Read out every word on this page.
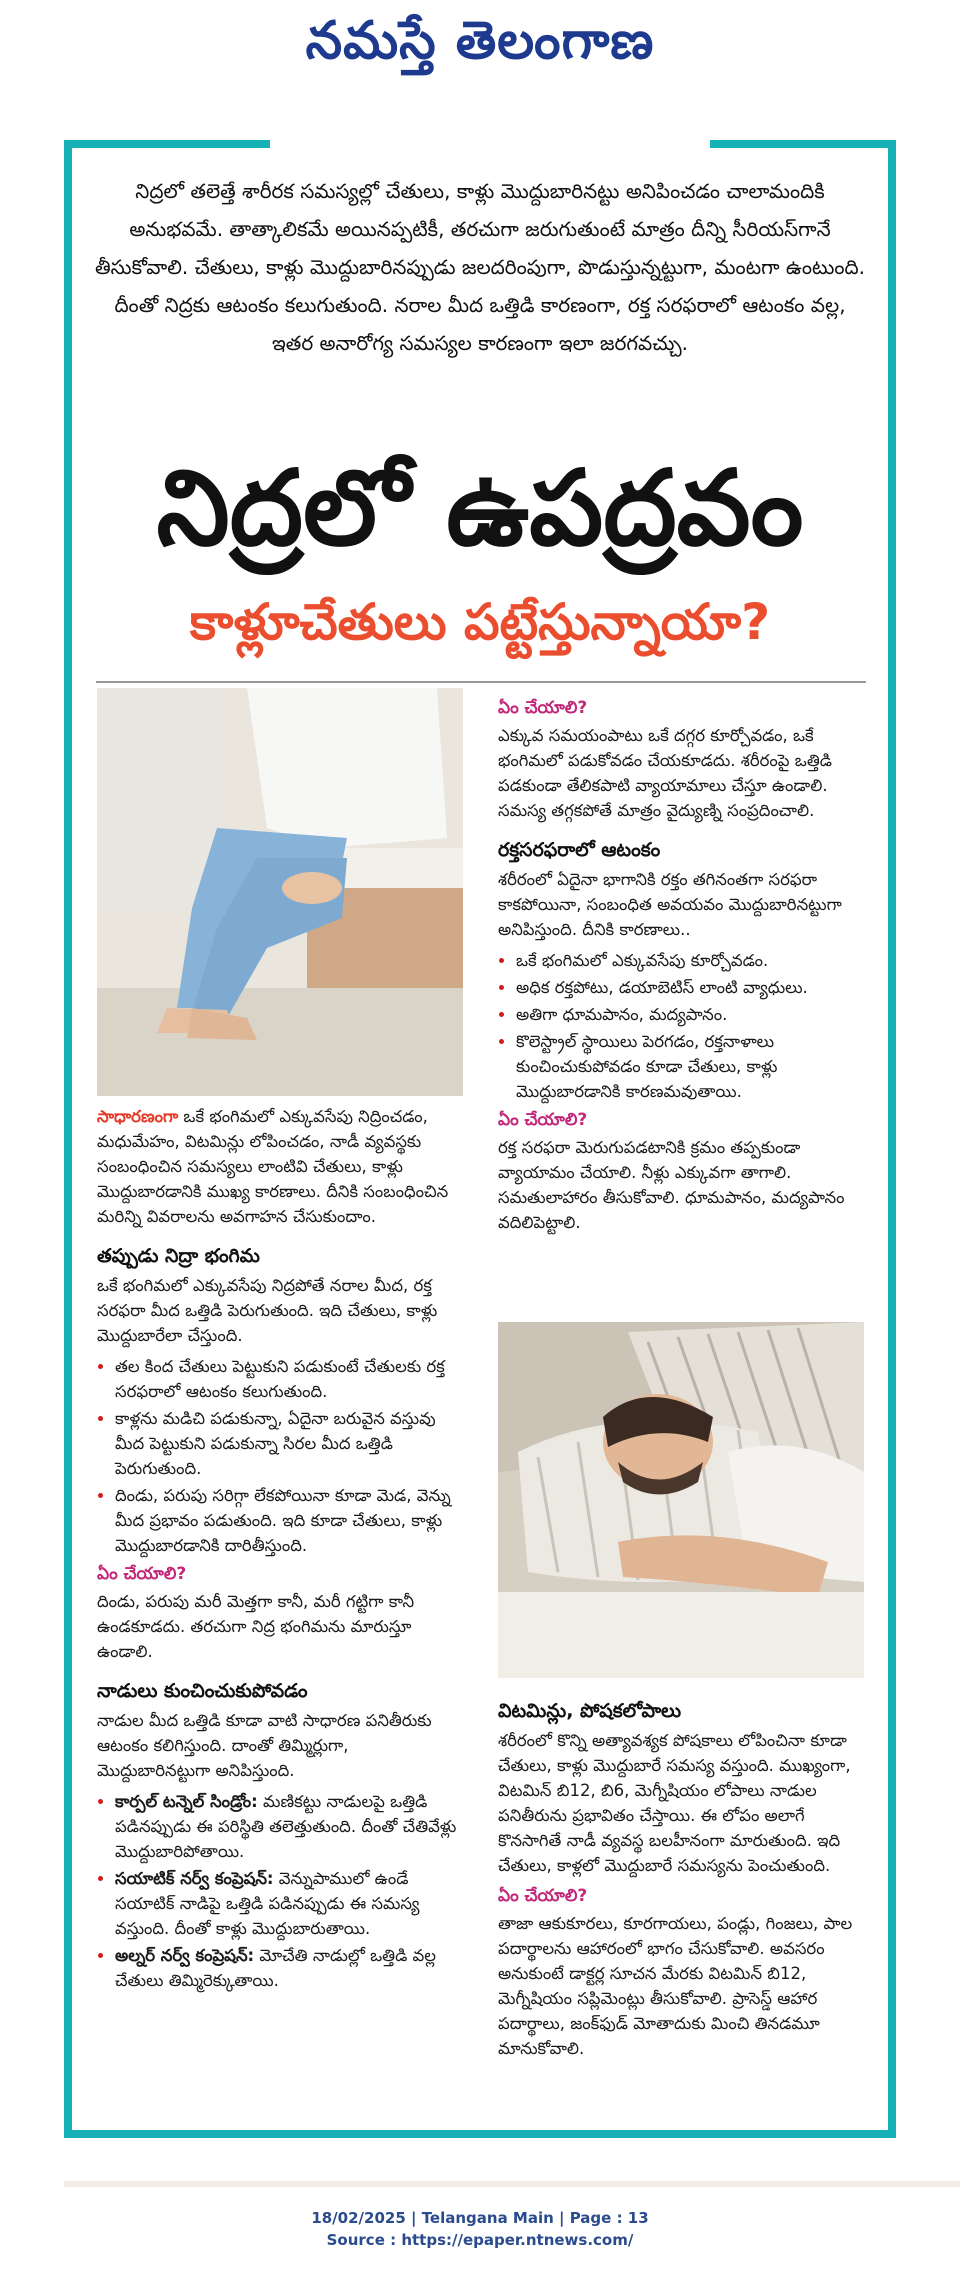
నమస్తే తెలంగాణ
నిద్రలో తలెత్తే శారీరక సమస్యల్లో చేతులు, కాళ్లు మొద్దుబారినట్టు అనిపించడం చాలామందికి అనుభవమే. తాత్కాలికమే అయినప్పటికీ, తరచుగా జరుగుతుంటే మాత్రం దీన్ని సీరియస్‌గానే తీసుకోవాలి. చేతులు, కాళ్లు మొద్దుబారినప్పుడు జలదరింపుగా, పొడుస్తున్నట్టుగా, మంటగా ఉంటుంది. దీంతో నిద్రకు ఆటంకం కలుగుతుంది. నరాల మీద ఒత్తిడి కారణంగా, రక్త సరఫరాలో ఆటంకం వల్ల, ఇతర అనారోగ్య సమస్యల కారణంగా ఇలా జరగవచ్చు.
నిద్రలో ఉపద్రవం
కాళ్లూచేతులు పట్టేస్తున్నాయా?

సాధారణంగా ఒకే భంగిమలో ఎక్కువసేపు నిద్రించడం, మధుమేహం, విటమిన్లు లోపించడం, నాడీ వ్యవస్థకు సంబంధించిన సమస్యలు లాంటివి చేతులు, కాళ్లు మొద్దుబారడానికి ముఖ్య కారణాలు. దీనికి సంబంధించిన మరిన్ని వివరాలను అవగాహన చేసుకుందాం.

తప్పుడు నిద్రా భంగిమ

ఒకే భంగిమలో ఎక్కువసేపు నిద్రపోతే నరాల మీద, రక్త సరఫరా మీద ఒత్తిడి పెరుగుతుంది. ఇది చేతులు, కాళ్లు మొద్దుబారేలా చేస్తుంది.

• తల కింద చేతులు పెట్టుకుని పడుకుంటే చేతులకు రక్త సరఫరాలో ఆటంకం కలుగుతుంది.
• కాళ్లను మడిచి పడుకున్నా, ఏదైనా బరువైన వస్తువు మీద పెట్టుకుని పడుకున్నా సిరల మీద ఒత్తిడి పెరుగుతుంది.
• దిండు, పరుపు సరిగ్గా లేకపోయినా కూడా మెడ, వెన్ను మీద ప్రభావం పడుతుంది. ఇది కూడా చేతులు, కాళ్లు మొద్దుబారడానికి దారితీస్తుంది.
ఏం చేయాలి?

దిండు, పరుపు మరీ మెత్తగా కానీ, మరీ గట్టిగా కానీ ఉండకూడదు. తరచుగా నిద్ర భంగిమను మారుస్తూ ఉండాలి.

నాడులు కుంచించుకుపోవడం

నాడుల మీద ఒత్తిడి కూడా వాటి సాధారణ పనితీరుకు ఆటంకం కలిగిస్తుంది. దాంతో తిమ్మిర్లుగా, మొద్దుబారినట్టుగా అనిపిస్తుంది.

• కార్పల్ టన్నెల్ సిండ్రోం: మణికట్టు నాడులపై ఒత్తిడి పడినప్పుడు ఈ పరిస్థితి తలెత్తుతుంది. దీంతో చేతివేళ్లు మొద్దుబారిపోతాయి.
• సయాటిక్ నర్వ్ కంప్రెషన్: వెన్నుపాములో ఉండే సయాటిక్ నాడిపై ఒత్తిడి పడినప్పుడు ఈ సమస్య వస్తుంది. దీంతో కాళ్లు మొద్దుబారుతాయి.
• అల్నర్ నర్వ్ కంప్రెషన్: మోచేతి నాడుల్లో ఒత్తిడి వల్ల చేతులు తిమ్మిరెక్కుతాయి.
ఏం చేయాలి?

ఎక్కువ సమయంపాటు ఒకే దగ్గర కూర్చోవడం, ఒకే భంగిమలో పడుకోవడం చేయకూడదు. శరీరంపై ఒత్తిడి పడకుండా తేలికపాటి వ్యాయామాలు చేస్తూ ఉండాలి. సమస్య తగ్గకపోతే మాత్రం వైద్యుణ్ని సంప్రదించాలి.

రక్తసరఫరాలో ఆటంకం

శరీరంలో ఏదైనా భాగానికి రక్తం తగినంతగా సరఫరా కాకపోయినా, సంబంధిత అవయవం మొద్దుబారినట్టుగా అనిపిస్తుంది. దీనికి కారణాలు..

• ఒకే భంగిమలో ఎక్కువసేపు కూర్చోవడం.
• అధిక రక్తపోటు, డయాబెటిస్ లాంటి వ్యాధులు.
• అతిగా ధూమపానం, మద్యపానం.
• కొలెస్ట్రాల్ స్థాయిలు పెరగడం, రక్తనాళాలు కుంచించుకుపోవడం కూడా చేతులు, కాళ్లు మొద్దుబారడానికి కారణమవుతాయి.
ఏం చేయాలి?

రక్త సరఫరా మెరుగుపడటానికి క్రమం తప్పకుండా వ్యాయామం చేయాలి. నీళ్లు ఎక్కువగా తాగాలి. సమతులాహారం తీసుకోవాలి. ధూమపానం, మద్యపానం వదిలిపెట్టాలి.

విటమిన్లు, పోషకలోపాలు

శరీరంలో కొన్ని అత్యావశ్యక పోషకాలు లోపించినా కూడా చేతులు, కాళ్లు మొద్దుబారే సమస్య వస్తుంది. ముఖ్యంగా, విటమిన్ బి12, బి6, మెగ్నీషియం లోపాలు నాడుల పనితీరును ప్రభావితం చేస్తాయి. ఈ లోపం అలాగే కొనసాగితే నాడీ వ్యవస్థ బలహీనంగా మారుతుంది. ఇది చేతులు, కాళ్లలో మొద్దుబారే సమస్యను పెంచుతుంది.

ఏం చేయాలి?

తాజా ఆకుకూరలు, కూరగాయలు, పండ్లు, గింజలు, పాల పదార్థాలను ఆహారంలో భాగం చేసుకోవాలి. అవసరం అనుకుంటే డాక్టర్ల సూచన మేరకు విటమిన్ బి12, మెగ్నీషియం సప్లిమెంట్లు తీసుకోవాలి. ప్రాసెస్డ్ ఆహార పదార్థాలు, జంక్‌ఫుడ్ మోతాదుకు మించి తినడమూ మానుకోవాలి.

18/02/2025 | Telangana Main | Page : 13
Source : https://epaper.ntnews.com/
